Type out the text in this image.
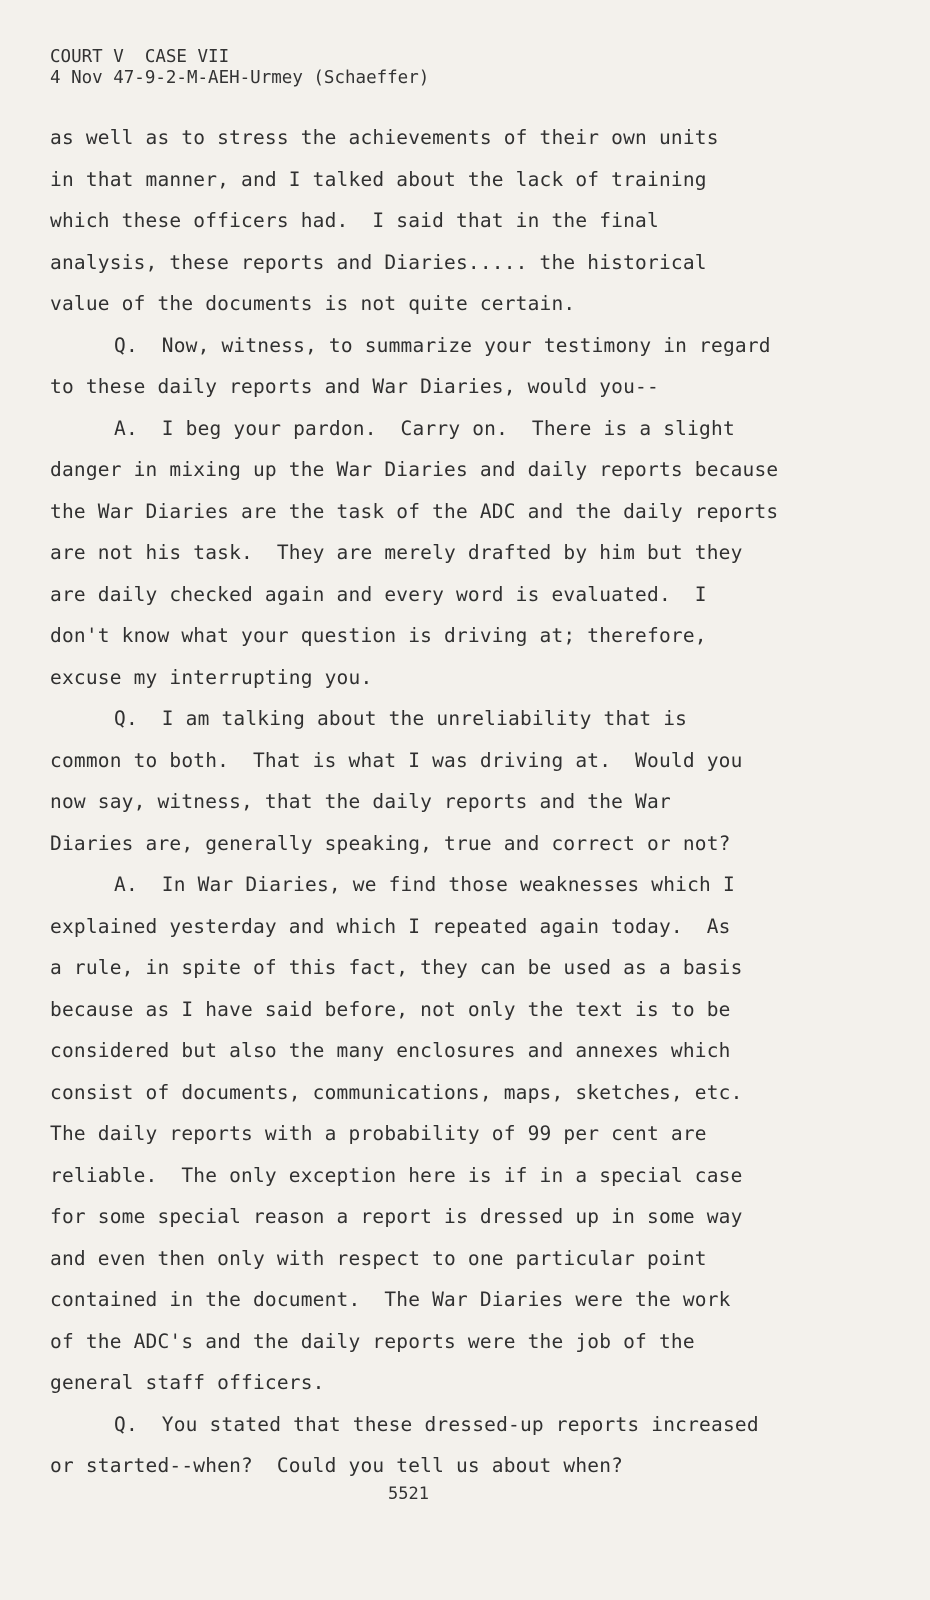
COURT V  CASE VII
4 Nov 47-9-2-M-AEH-Urmey (Schaeffer)
as well as to stress the achievements of their own units
in that manner, and I talked about the lack of training
which these officers had.  I said that in the final
analysis, these reports and Diaries..... the historical
value of the documents is not quite certain.
Q.  Now, witness, to summarize your testimony in regard
to these daily reports and War Diaries, would you--
A.  I beg your pardon.  Carry on.  There is a slight
danger in mixing up the War Diaries and daily reports because
the War Diaries are the task of the ADC and the daily reports
are not his task.  They are merely drafted by him but they
are daily checked again and every word is evaluated.  I
don't know what your question is driving at; therefore,
excuse my interrupting you.
Q.  I am talking about the unreliability that is
common to both.  That is what I was driving at.  Would you
now say, witness, that the daily reports and the War
Diaries are, generally speaking, true and correct or not?
A.  In War Diaries, we find those weaknesses which I
explained yesterday and which I repeated again today.  As
a rule, in spite of this fact, they can be used as a basis
because as I have said before, not only the text is to be
considered but also the many enclosures and annexes which
consist of documents, communications, maps, sketches, etc.
The daily reports with a probability of 99 per cent are
reliable.  The only exception here is if in a special case
for some special reason a report is dressed up in some way
and even then only with respect to one particular point
contained in the document.  The War Diaries were the work
of the ADC's and the daily reports were the job of the
general staff officers.
Q.  You stated that these dressed-up reports increased
or started--when?  Could you tell us about when?
5521
